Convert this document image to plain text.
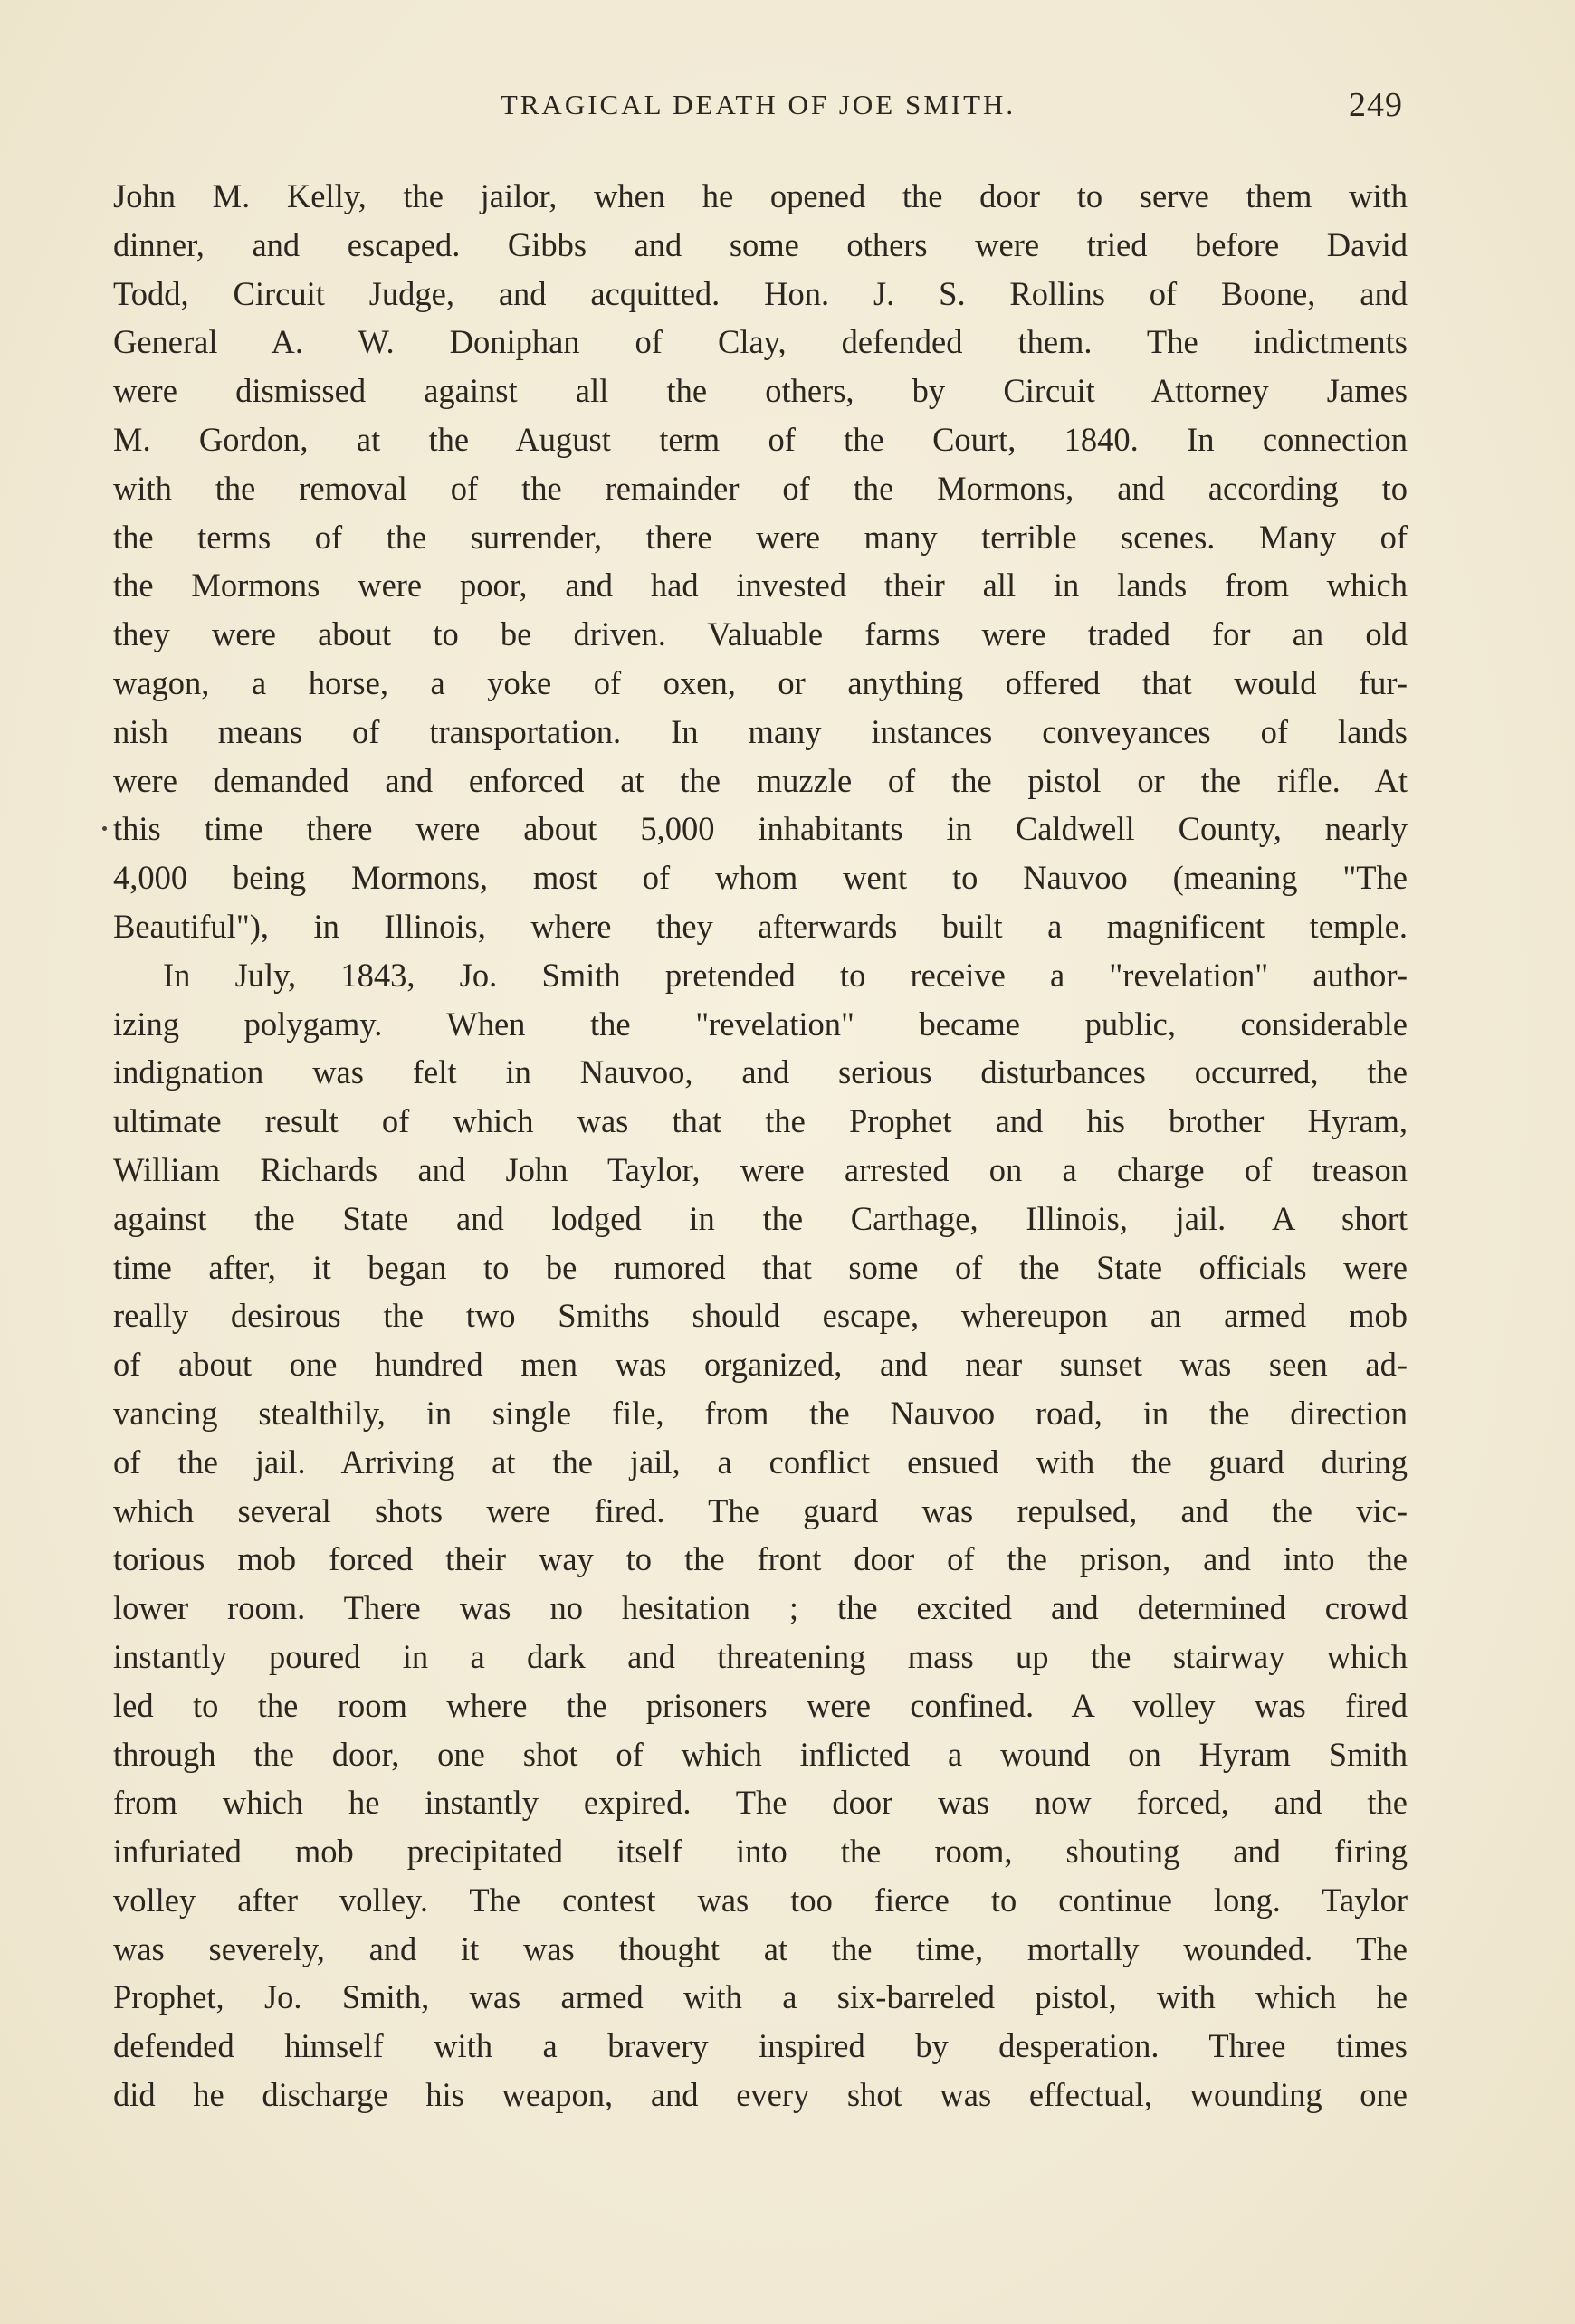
TRAGICAL DEATH OF JOE SMITH.	249
John M. Kelly, the jailor, when he opened the door to serve them with
dinner, and escaped. Gibbs and some others were tried before David
Todd, Circuit Judge, and acquitted. Hon. J. S. Rollins of Boone, and
General A. W. Doniphan of Clay, defended them. The indictments
were dismissed against all the others, by Circuit Attorney James
M. Gordon, at the August term of the Court, 1840. In connection
with the removal of the remainder of the Mormons, and according to
the terms of the surrender, there were many terrible scenes. Many of
the Mormons were poor, and had invested their all in lands from which
they were about to be driven. Valuable farms were traded for an old
wagon, a horse, a yoke of oxen, or anything offered that would fur-
nish means of transportation. In many instances conveyances of lands
were demanded and enforced at the muzzle of the pistol or the rifle. At
this time there were about 5,000 inhabitants in Caldwell County, nearly
4,000 being Mormons, most of whom went to Nauvoo (meaning "The
Beautiful"), in Illinois, where they afterwards built a magnificent temple.
In July, 1843, Jo. Smith pretended to receive a "revelation" author-
izing polygamy. When the "revelation" became public, considerable
indignation was felt in Nauvoo, and serious disturbances occurred, the
ultimate result of which was that the Prophet and his brother Hyram,
William Richards and John Taylor, were arrested on a charge of treason
against the State and lodged in the Carthage, Illinois, jail. A short
time after, it began to be rumored that some of the State officials were
really desirous the two Smiths should escape, whereupon an armed mob
of about one hundred men was organized, and near sunset was seen ad-
vancing stealthily, in single file, from the Nauvoo road, in the direction
of the jail. Arriving at the jail, a conflict ensued with the guard during
which several shots were fired. The guard was repulsed, and the vic-
torious mob forced their way to the front door of the prison, and into the
lower room. There was no hesitation ; the excited and determined crowd
instantly poured in a dark and threatening mass up the stairway which
led to the room where the prisoners were confined. A volley was fired
through the door, one shot of which inflicted a wound on Hyram Smith
from which he instantly expired. The door was now forced, and the
infuriated mob precipitated itself into the room, shouting and firing
volley after volley. The contest was too fierce to continue long. Taylor
was severely, and it was thought at the time, mortally wounded. The
Prophet, Jo. Smith, was armed with a six-barreled pistol, with which he
defended himself with a bravery inspired by desperation. Three times
did he discharge his weapon, and every shot was effectual, wounding one
